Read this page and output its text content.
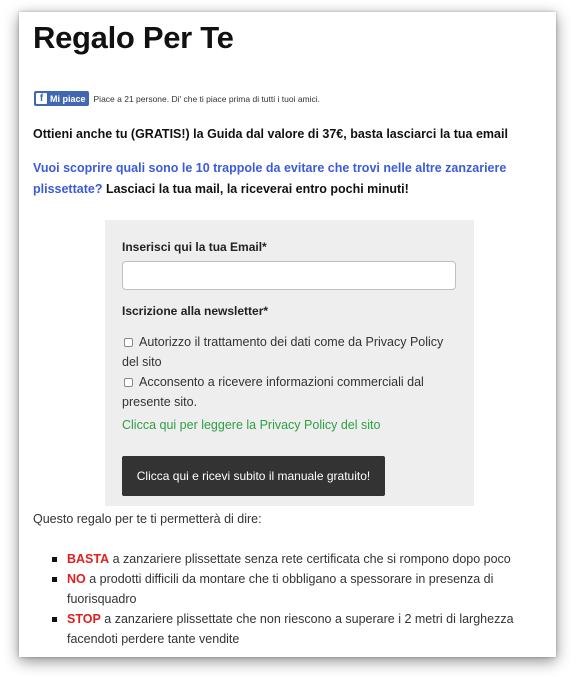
Regalo Per Te
f Mi piace Piace a 21 persone. Di' che ti piace prima di tutti i tuoi amici.
Ottieni anche tu (GRATIS!) la Guida dal valore di 37€, basta lasciarci la tua email
Vuoi scoprire quali sono le 10 trappole da evitare che trovi nelle altre zanzariere plissettate? Lasciaci la tua mail, la riceverai entro pochi minuti!
Inserisci qui la tua Email*
Iscrizione alla newsletter*
Autorizzo il trattamento dei dati come da Privacy Policy del sito
Acconsento a ricevere informazioni commerciali dal presente sito.
Clicca qui per leggere la Privacy Policy del sito
Clicca qui e ricevi subito il manuale gratuito!
Questo regalo per te ti permetterà di dire:
BASTA a zanzariere plissettate senza rete certificata che si rompono dopo poco
NO a prodotti difficili da montare che ti obbligano a spessorare in presenza di fuorisquadro
STOP a zanzariere plissettate che non riescono a superare i 2 metri di larghezza facendoti perdere tante vendite
